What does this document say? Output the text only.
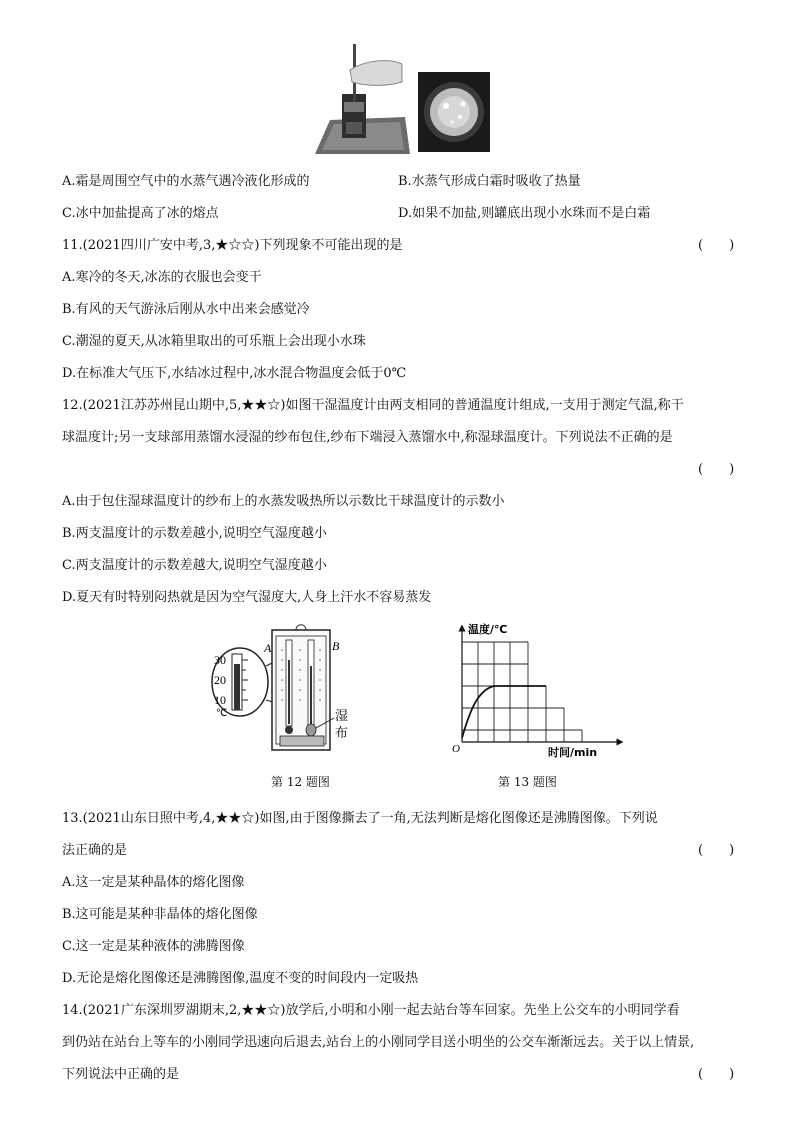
A.霜是周围空气中的水蒸气遇冷液化形成的	B.水蒸气形成白霜时吸收了热量
C.冰中加盐提高了冰的熔点	D.如果不加盐,则罐底出现小水珠而不是白霜
11.(2021四川广安中考,3,★☆☆)下列现象不可能出现的是	(　　)
A.寒冷的冬天,冰冻的衣服也会变干
B.有风的天气游泳后刚从水中出来会感觉冷
C.潮湿的夏天,从冰箱里取出的可乐瓶上会出现小水珠
D.在标准大气压下,水结冰过程中,冰水混合物温度会低于0℃
12.(2021江苏苏州昆山期中,5,★★☆)如图干湿温度计由两支相同的普通温度计组成,一支用于测定气温,称干
球温度计;另一支球部用蒸馏水浸湿的纱布包住,纱布下端浸入蒸馏水中,称湿球温度计。下列说法不正确的是
(　　)
A.由于包住湿球温度计的纱布上的水蒸发吸热所以示数比干球温度计的示数小
B.两支温度计的示数差越小,说明空气湿度越小
C.两支温度计的示数差越大,说明空气湿度越小
D.夏天有时特别闷热就是因为空气湿度大,人身上汗水不容易蒸发
30
20
10
℃
A	B
湿
布
第 12 题图
温度/℃
时间/min
O
第 13 题图
13.(2021山东日照中考,4,★★☆)如图,由于图像撕去了一角,无法判断是熔化图像还是沸腾图像。下列说
法正确的是	(　　)
A.这一定是某种晶体的熔化图像
B.这可能是某种非晶体的熔化图像
C.这一定是某种液体的沸腾图像
D.无论是熔化图像还是沸腾图像,温度不变的时间段内一定吸热
14.(2021广东深圳罗湖期末,2,★★☆)放学后,小明和小刚一起去站台等车回家。先坐上公交车的小明同学看
到仍站在站台上等车的小刚同学迅速向后退去,站台上的小刚同学目送小明坐的公交车渐渐远去。关于以上情景,
下列说法中正确的是	(　　)
